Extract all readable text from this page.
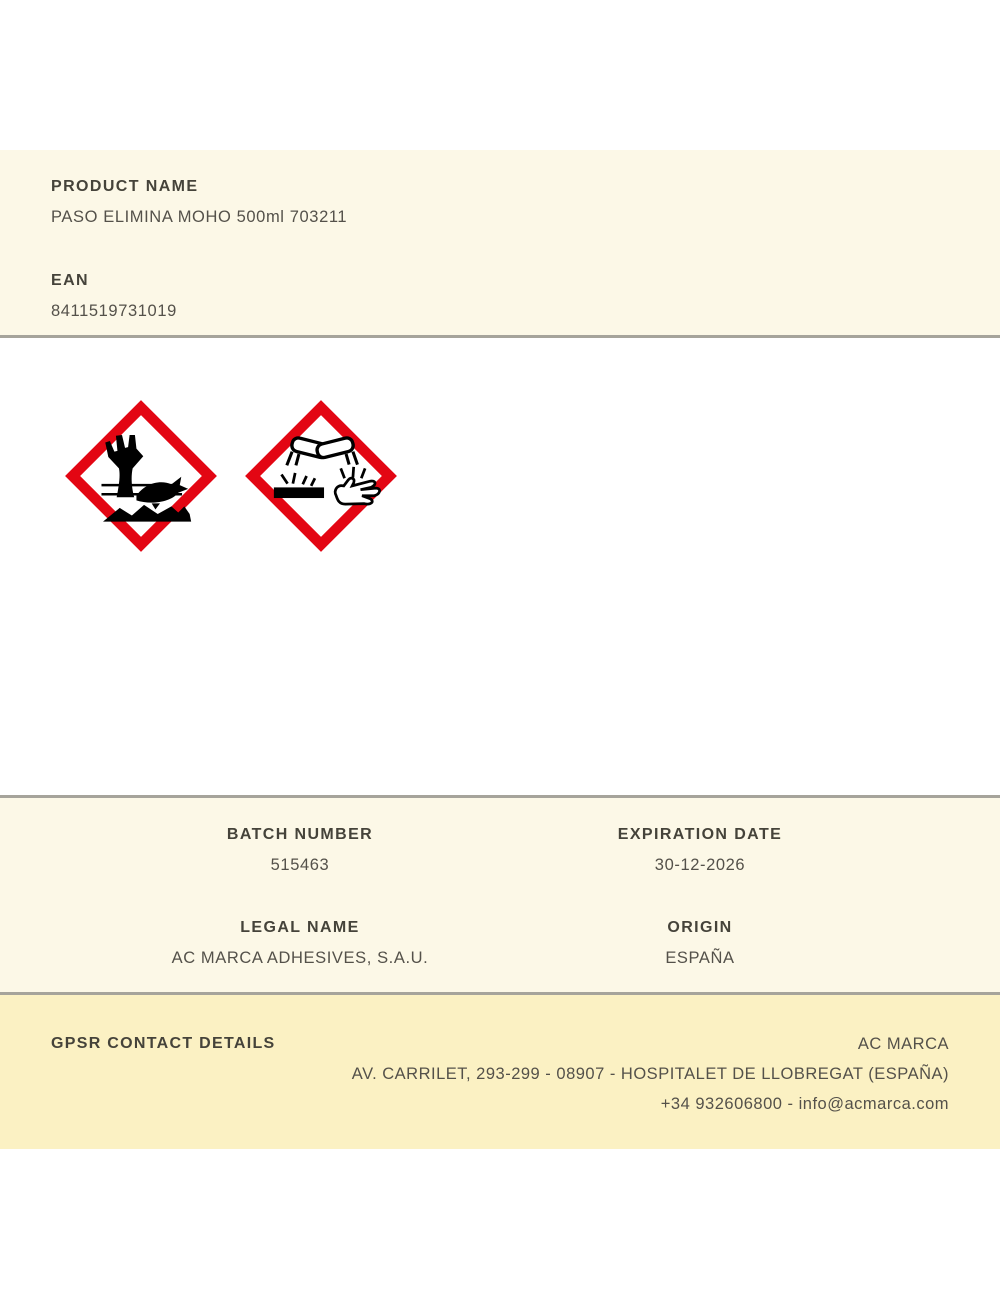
PRODUCT NAME

PASO ELIMINA MOHO 500ml 703211

EAN

8411519731019

BATCH NUMBER

515463

EXPIRATION DATE

30-12-2026

LEGAL NAME

AC MARCA ADHESIVES, S.A.U.

ORIGIN

ESPAÑA

GPSR CONTACT DETAILS	AC MARCA

AV. CARRILET, 293-299 - 08907 - HOSPITALET DE LLOBREGAT (ESPAÑA)

+34 932606800 - info@acmarca.com
